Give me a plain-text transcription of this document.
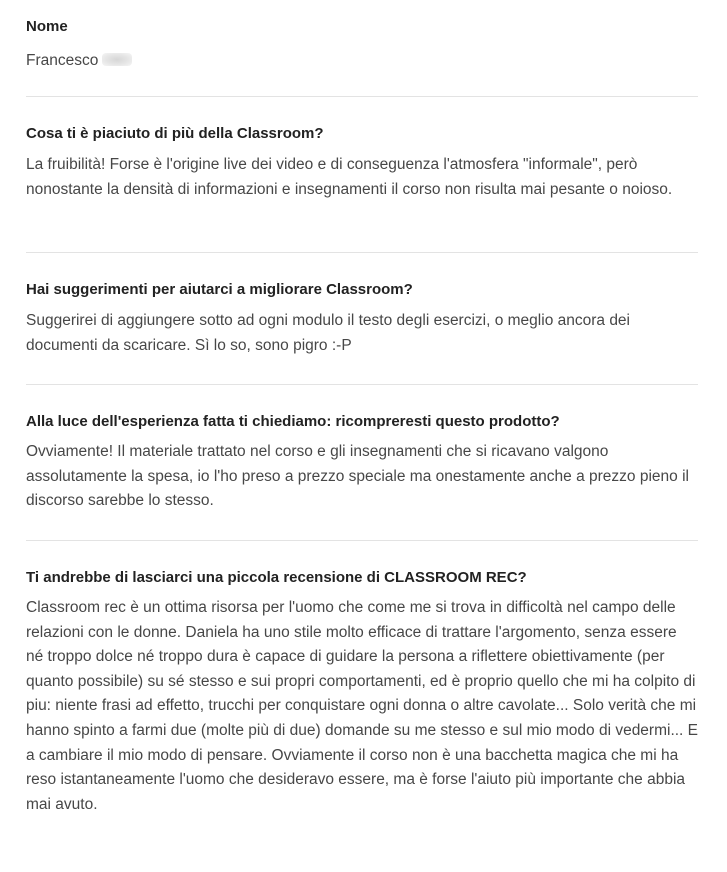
Nome

Francesco

Cosa ti è piaciuto di più della Classroom?

La fruibilità! Forse è l'origine live dei video e di conseguenza l'atmosfera "informale", però nonostante la densità di informazioni e insegnamenti il corso non risulta mai pesante o noioso.

Hai suggerimenti per aiutarci a migliorare Classroom?

Suggerirei di aggiungere sotto ad ogni modulo il testo degli esercizi, o meglio ancora dei documenti da scaricare. Sì lo so, sono pigro :-P

Alla luce dell'esperienza fatta ti chiediamo: ricompreresti questo prodotto?

Ovviamente! Il materiale trattato nel corso e gli insegnamenti che si ricavano valgono assolutamente la spesa, io l'ho preso a prezzo speciale ma onestamente anche a prezzo pieno il discorso sarebbe lo stesso.

Ti andrebbe di lasciarci una piccola recensione di CLASSROOM REC?

Classroom rec è un ottima risorsa per l'uomo che come me si trova in difficoltà nel campo delle relazioni con le donne. Daniela ha uno stile molto efficace di trattare l'argomento, senza essere né troppo dolce né troppo dura è capace di guidare la persona a riflettere obiettivamente (per quanto possibile) su sé stesso e sui propri comportamenti, ed è proprio quello che mi ha colpito di piu: niente frasi ad effetto, trucchi per conquistare ogni donna o altre cavolate... Solo verità che mi hanno spinto a farmi due (molte più di due) domande su me stesso e sul mio modo di vedermi... E a cambiare il mio modo di pensare. Ovviamente il corso non è una bacchetta magica che mi ha reso istantaneamente l'uomo che desideravo essere, ma è forse l'aiuto più importante che abbia mai avuto.
